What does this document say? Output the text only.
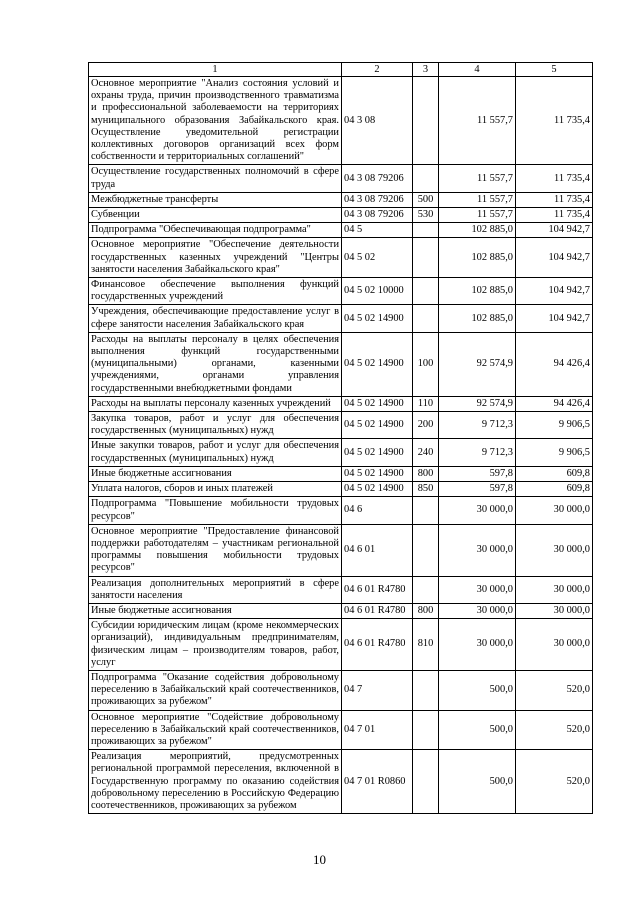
1	2	3	4	5
Основное мероприятие "Анализ состояния условий и охраны труда, причин производственного травматизма и профессиональной заболеваемости на территориях муниципального образования Забайкальского края. Осуществление уведомительной регистрации коллективных договоров организаций всех форм собственности и территориальных соглашений"	04 3 08		11 557,7	11 735,4
Осуществление государственных полномочий в сфере труда	04 3 08 79206		11 557,7	11 735,4
Межбюджетные трансферты	04 3 08 79206	500	11 557,7	11 735,4
Субвенции	04 3 08 79206	530	11 557,7	11 735,4
Подпрограмма "Обеспечивающая подпрограмма"	04 5		102 885,0	104 942,7
Основное мероприятие "Обеспечение деятельности государственных казенных учреждений "Центры занятости населения Забайкальского края"	04 5 02		102 885,0	104 942,7
Финансовое обеспечение выполнения функций государственных учреждений	04 5 02 10000		102 885,0	104 942,7
Учреждения, обеспечивающие предоставление услуг в сфере занятости населения Забайкальского края	04 5 02 14900		102 885,0	104 942,7
Расходы на выплаты персоналу в целях обеспечения выполнения функций государственными (муниципальными) органами, казенными учреждениями, органами управления государственными внебюджетными фондами	04 5 02 14900	100	92 574,9	94 426,4
Расходы на выплаты персоналу казенных учреждений	04 5 02 14900	110	92 574,9	94 426,4
Закупка товаров, работ и услуг для обеспечения государственных (муниципальных) нужд	04 5 02 14900	200	9 712,3	9 906,5
Иные закупки товаров, работ и услуг для обеспечения государственных (муниципальных) нужд	04 5 02 14900	240	9 712,3	9 906,5
Иные бюджетные ассигнования	04 5 02 14900	800	597,8	609,8
Уплата налогов, сборов и иных платежей	04 5 02 14900	850	597,8	609,8
Подпрограмма "Повышение мобильности трудовых ресурсов"	04 6		30 000,0	30 000,0
Основное мероприятие "Предоставление финансовой поддержки работодателям – участникам региональной программы повышения мобильности трудовых ресурсов"	04 6 01		30 000,0	30 000,0
Реализация дополнительных мероприятий в сфере занятости населения	04 6 01 R4780		30 000,0	30 000,0
Иные бюджетные ассигнования	04 6 01 R4780	800	30 000,0	30 000,0
Субсидии юридическим лицам (кроме некоммерческих организаций), индивидуальным предпринимателям, физическим лицам – производителям товаров, работ, услуг	04 6 01 R4780	810	30 000,0	30 000,0
Подпрограмма "Оказание содействия добровольному переселению в Забайкальский край соотечественников, проживающих за рубежом"	04 7		500,0	520,0
Основное мероприятие "Содействие добровольному переселению в Забайкальский край соотечественников, проживающих за рубежом"	04 7 01		500,0	520,0
Реализация мероприятий, предусмотренных региональной программой переселения, включенной в Государственную программу по оказанию содействия добровольному переселению в Российскую Федерацию соотечественников, проживающих за рубежом	04 7 01 R0860		500,0	520,0
10
